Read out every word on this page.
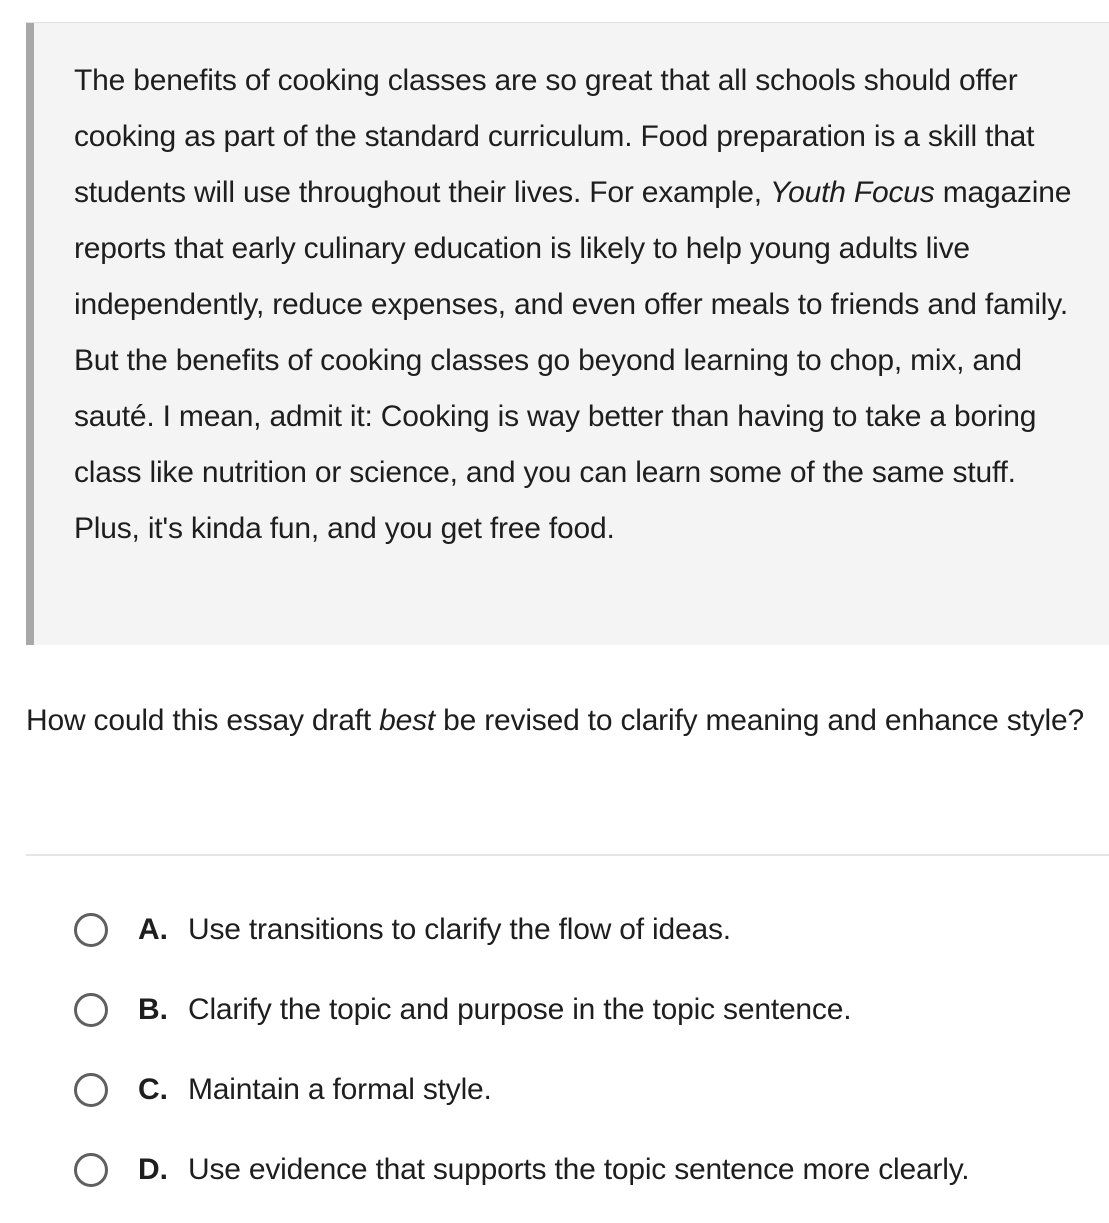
The benefits of cooking classes are so great that all schools should offer cooking as part of the standard curriculum. Food preparation is a skill that students will use throughout their lives. For example, Youth Focus magazine reports that early culinary education is likely to help young adults live independently, reduce expenses, and even offer meals to friends and family. But the benefits of cooking classes go beyond learning to chop, mix, and sauté. I mean, admit it: Cooking is way better than having to take a boring class like nutrition or science, and you can learn some of the same stuff. Plus, it's kinda fun, and you get free food.

How could this essay draft best be revised to clarify meaning and enhance style?

A. Use transitions to clarify the flow of ideas.
B. Clarify the topic and purpose in the topic sentence.
C. Maintain a formal style.
D. Use evidence that supports the topic sentence more clearly.
